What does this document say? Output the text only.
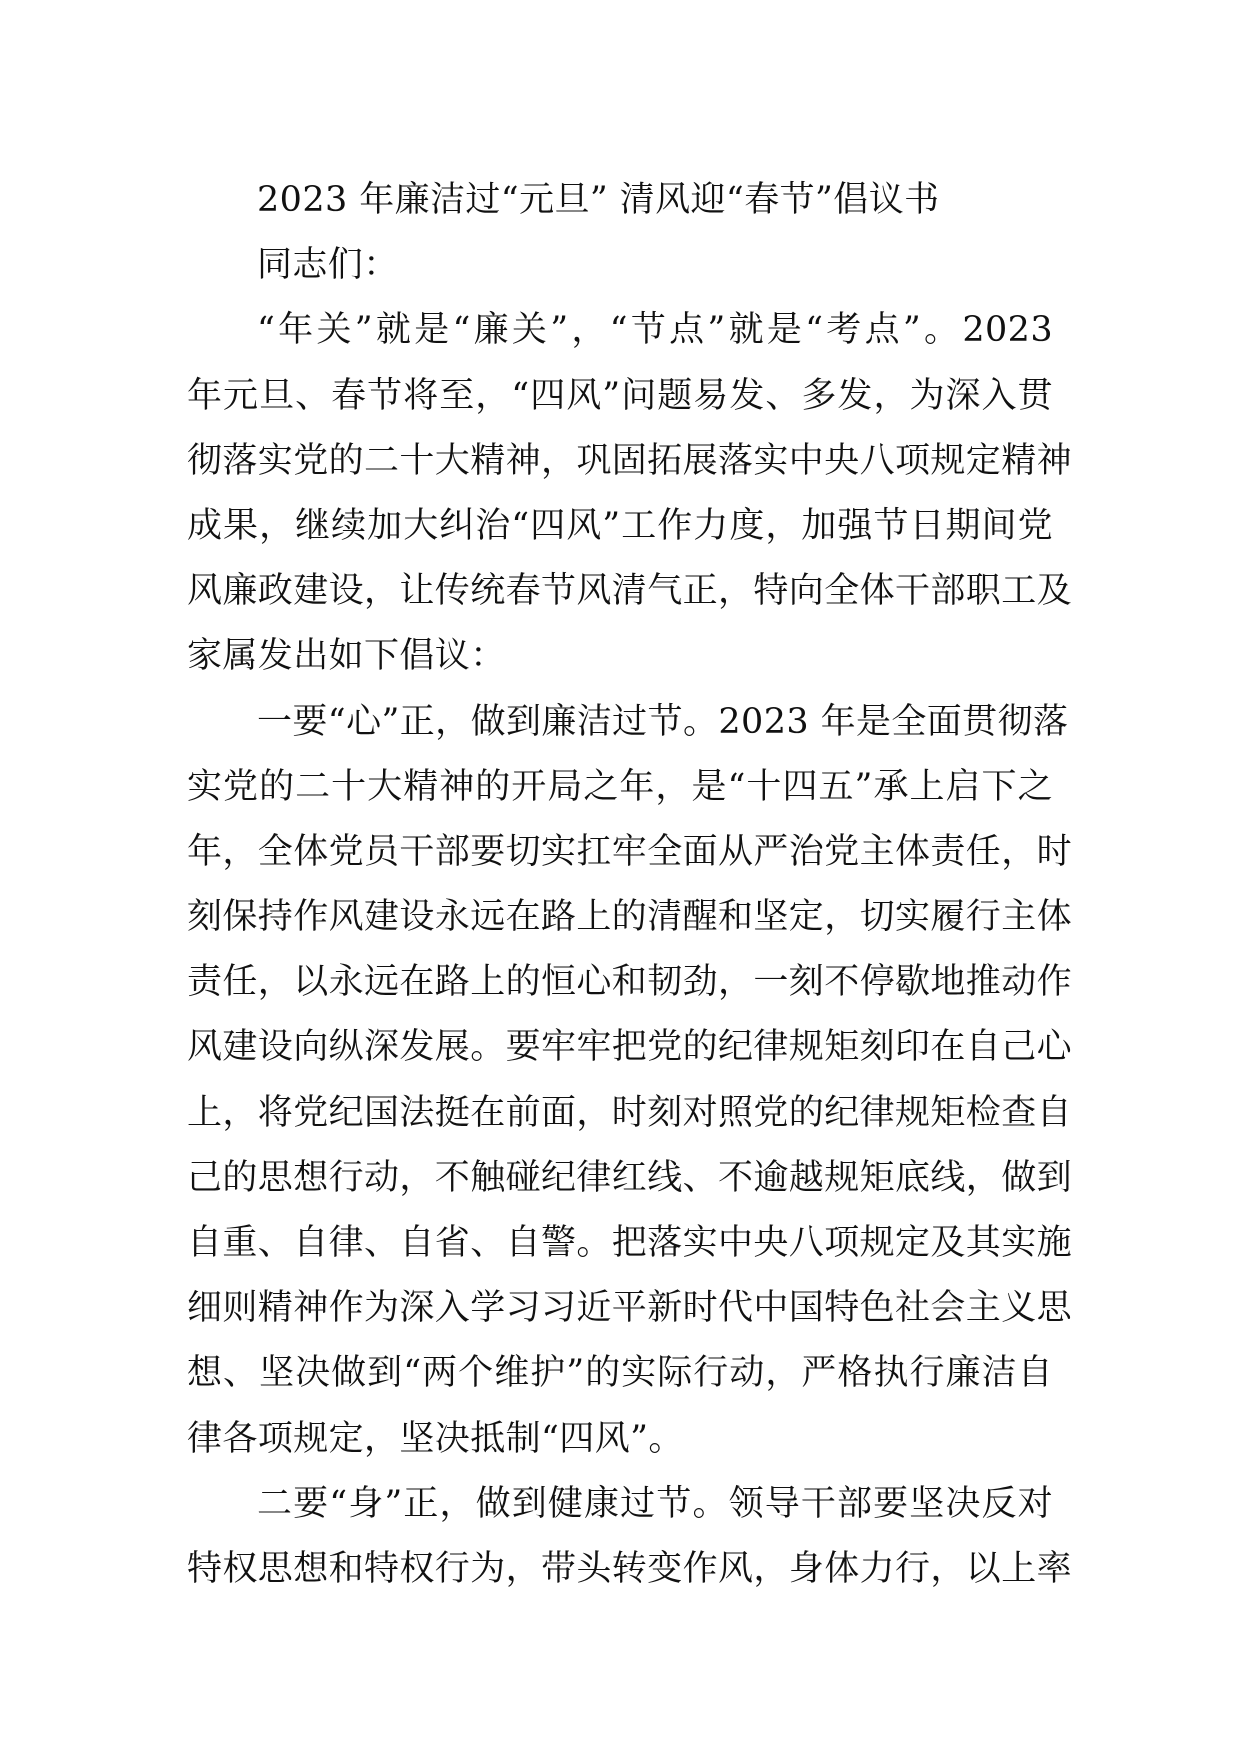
2023 年廉洁过“元旦” 清风迎“春节”倡议书
同志们：
“年关”就是“廉关”，“节点”就是“考点”。2023
年元旦、春节将至，“四风”问题易发、多发，为深入贯
彻落实党的二十大精神，巩固拓展落实中央八项规定精神
成果，继续加大纠治“四风”工作力度，加强节日期间党
风廉政建设，让传统春节风清气正，特向全体干部职工及
家属发出如下倡议：
一要“心”正，做到廉洁过节。2023 年是全面贯彻落
实党的二十大精神的开局之年，是“十四五”承上启下之
年，全体党员干部要切实扛牢全面从严治党主体责任，时
刻保持作风建设永远在路上的清醒和坚定，切实履行主体
责任，以永远在路上的恒心和韧劲，一刻不停歇地推动作
风建设向纵深发展。要牢牢把党的纪律规矩刻印在自己心
上，将党纪国法挺在前面，时刻对照党的纪律规矩检查自
己的思想行动，不触碰纪律红线、不逾越规矩底线，做到
自重、自律、自省、自警。把落实中央八项规定及其实施
细则精神作为深入学习习近平新时代中国特色社会主义思
想、坚决做到“两个维护”的实际行动，严格执行廉洁自
律各项规定，坚决抵制“四风”。
二要“身”正，做到健康过节。领导干部要坚决反对
特权思想和特权行为，带头转变作风，身体力行，以上率
